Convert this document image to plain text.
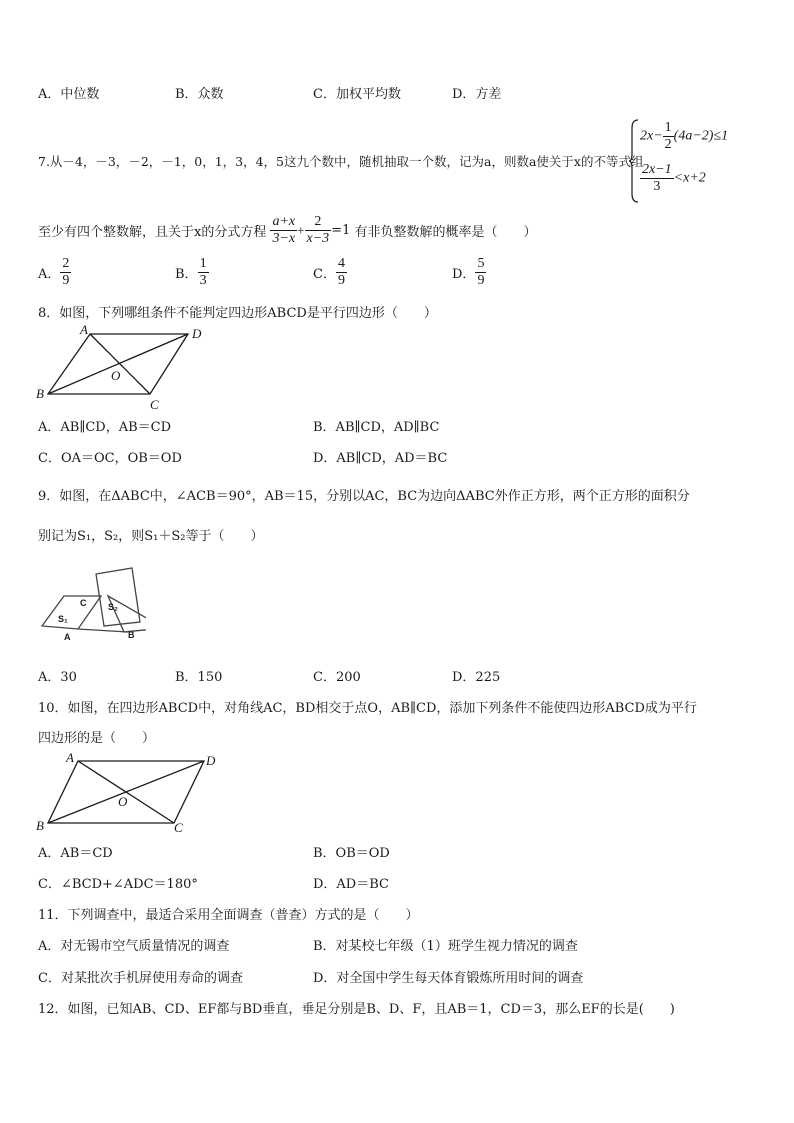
A．中位数	B．众数	C．加权平均数	D．方差
7.从－4，－3，－2，－1，0，1，3，4，5这九个数中，随机抽取一个数，记为a，则数a使关于x的不等式组
$2x- \frac{1}{2} (4a-2)\le 1$
$\frac{2x-1}{3} <x+2$
至少有四个整数解，且关于x的分式方程 $\frac{a+x}{3-x} + \frac{2}{x-3} =1$ 有非负整数解的概率是（　　）
A． $\frac{2}{9}$	B． $\frac{1}{3}$	C． $\frac{4}{9}$	D． $\frac{5}{9}$
8．如图，下列哪组条件不能判定四边形ABCD是平行四边形（　　）
A	D
B
C
O
A．AB∥CD，AB＝CD	B．AB∥CD，AD∥BC
C．OA＝OC，OB＝OD	D．AB∥CD，AD＝BC
9．如图，在ΔABC中，∠ACB＝90°，AB＝15，分别以AC，BC为边向ΔABC外作正方形，两个正方形的面积分
别记为S₁，S₂，则S₁＋S₂等于（　　）
C S₂
S₁
B
A
A．30	B．150	C．200	D．225
10．如图，在四边形ABCD中，对角线AC，BD相交于点O，AB∥CD，添加下列条件不能使四边形ABCD成为平行
四边形的是（　　）
A	D
B	C
O
A．AB＝CD	B．OB＝OD
C．∠BCD+∠ADC＝180°	D．AD＝BC
11．下列调查中，最适合采用全面调查（普查）方式的是（　　）
A．对无锡市空气质量情况的调查	B．对某校七年级（1）班学生视力情况的调查
C．对某批次手机屏使用寿命的调查	D．对全国中学生每天体育锻炼所用时间的调查
12．如图，已知AB、CD、EF都与BD垂直，垂足分别是B、D、F，且AB＝1，CD＝3，那么EF的长是(　　)
